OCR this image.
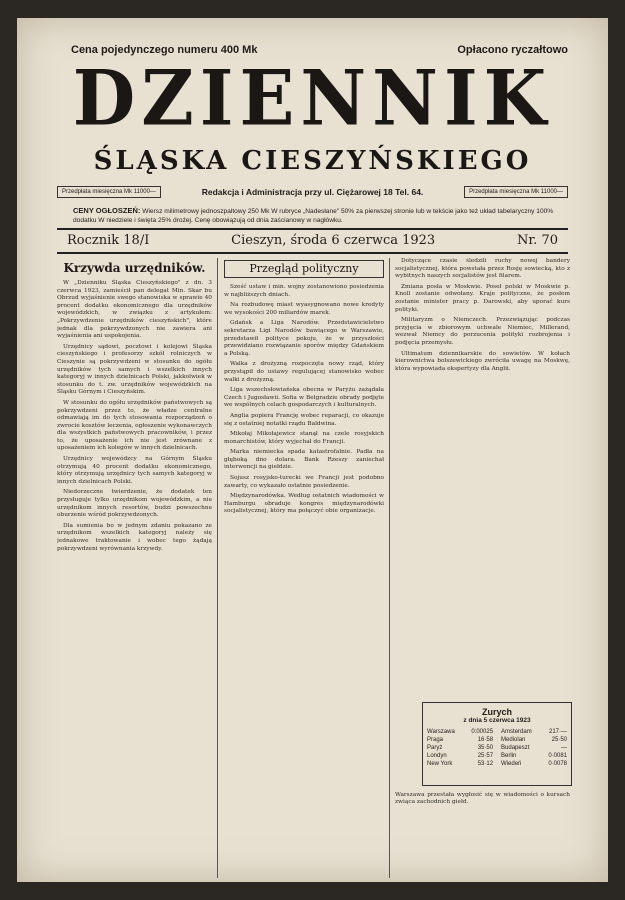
Cena pojedynczego numeru 400 Mk	Opłacono ryczałtowo
DZIENNIK
ŚLĄSKA CIESZYŃSKIEGO
Przedpłata miesięczna Mk 11000—	Redakcja i Administracja przy ul. Ciężarowej 18 Tel. 64.	Przedpłata miesięczna Mk 11000—
CENY OGŁOSZEŃ: Wiersz milimetrowy jednoszpaltowy 250 Mk W rubryce „Nadesłane" 50% za pierwszej stronie lub w tekście jako też układ tabelaryczny 100% dodatku W niedziele i święta 25% drożej. Cenę obowiązują od dnia zaścianowy w nagłówku.
Rocznik 18/I	Cieszyn, środa 6 czerwca 1923	Nr. 70
Krzywda urzędników.

W „Dzienniku Śląska Cieszyńskiego" z dn. 3 czerwca 1923, zamieścił pan delegat Min. Skar bu Obrzud wyjaśnienie swego stanowiska w sprawie 40 procent dodatku ekonomicznego dla urzędników wojewódzkich, w związku z artykułem: „Pokrzywdzenie urzędników cieszyńskich", które jednak dla pokrzywdzonych nie zawiera ani wyjaśnienia ani uspokojenia.

Urzędnicy sądowi, pocztowi i kolejowi Śląska cieszyńskiego i profesorzy szkół rolniczych w Cieszynie są pokrzywdzeni w stosunku do ogółu urzędników tych samych i wszelkich innych kategoryj w innych dzielnicach Polski, jakkolwiek w stosunku do t. zw. urzędników wojewódzkich na Śląsku Górnym i Cieszyńskim.

W stosunku do ogółu urzędników państwowych są pokrzywdzeni przez to, że władze centralne odmawiają im do tych stosowania rozporządzeń o zwrocie kosztów leczenia, ogłoszenie wykonawczych dla wszystkich państwowych pracowników, i przez to, że uposażenie ich nie jest zrównane z uposażeniem ich kolegów w innych dzielnicach.

Urzędnicy wojewódzcy na Górnym Śląsku otrzymują 40 procent dodatku ekonomicznego, który otrzymują urzędnicy tych samych kategoryj w innych dzielnicach Polski.

Niedorzeczne twierdzenie, że dodatek ten przysługuje tylko urzędnikom wojewódzkim, a nie urzędnikom innych resortów, budzi powszechne oburzenie wśród pokrzywdzonych.

Dla sumienia bo w jednym zdaniu pokazano ze urzędnikom wszelkich kategoryj należy się jednakowe traktowanie i wobec tego żądają pokrzywdzeni wyrównania krzywdy.

Przegląd polityczny

Sześć ustaw i min. wojny zostanowiono posiedzenia w najbliższych dniach.

Na rozbudowę miast wyasygnowano nowe kredyty we wysokości 200 miliardów marek.

Gdańsk a Liga Narodów. Przedstawicielstwo sekretarza Ligi Narodów bawiącego w Warszawie, przedstawił polityce pokoju, że w przyszłości przewidziano rozwiązanie sporów między Gdańskiem a Polską.

Walka z drożyzną rozpoczęta nowy rząd, który przystąpił do ustawy regulującej stanowisko wobec walki z drożyzną.

Liga wszechsłowiańska obecna w Paryżu zażądała Czech i Jugosławii. Sofia w Belgradzie obrady podjęte we wspólnych celach gospodarczych i kulturalnych.

Anglia popiera Francję wobec reparacji, co okazuje się z ostatniej notatki rządu Baldwina.

Mikołaj Mikołajewicz stanął na czele rosyjskich monarchistów, który wyjechał do Francji.

Marka niemiecka spada katastrofalnie. Padła na głęboką dno dolara. Bank Rzeszy zaniechał interwencji na giełdzie.

Sojusz rosyjsko-turecki we Francji jest podobno zawarty, co wykazało ostatnie posiedzenie.

Międzynarodówka. Według ostatnich wiadomości w Hamburgu obraduje kongres międzynarodówki socjalistycznej, który ma połączyć obie organizacje.

Dotyczące czasie śledzili ruchy nowej bandery socjalistycznej, która powstała przez Rosję sowiecką, kto z wybitnych naszych socjalistów jest filarem.

Zmiana posła w Moskwie. Poseł polski w Moskwie p. Knoll zostanie odwołany. Kraje polityczne, że posłem zostanie minister pracy p. Darowski, aby uporać kurs polityki.

Militaryzm o Niemczech. Przezwiązując podczas przyjęcia w zbiorowym uchwale Niemiec, Millerand, wezwał Niemcy do porzucenia polityki rozbrojenia i podjęcia przemysłu.

Ultimatum dziennikarskie do sowietów. W kołach kierownictwa bolszewickiego zwróciła uwagę na Moskwę, która wypowiada ekspertyzy dla Anglii.

Zurych
z dnia 5 czerwca 1923
Warszawa	0:00025	Amsterdam	217·—
Praga	16·58	Mediolan	25·50
Paryż	35·50	Budapeszt	—
Londyn	25·57	Berlin	0·0081
New York	53·12	Wiedeń	0·0078

Warszawa przestała wygłosić się w wiadomości o kursach zwiąca zachodnich giełd.
